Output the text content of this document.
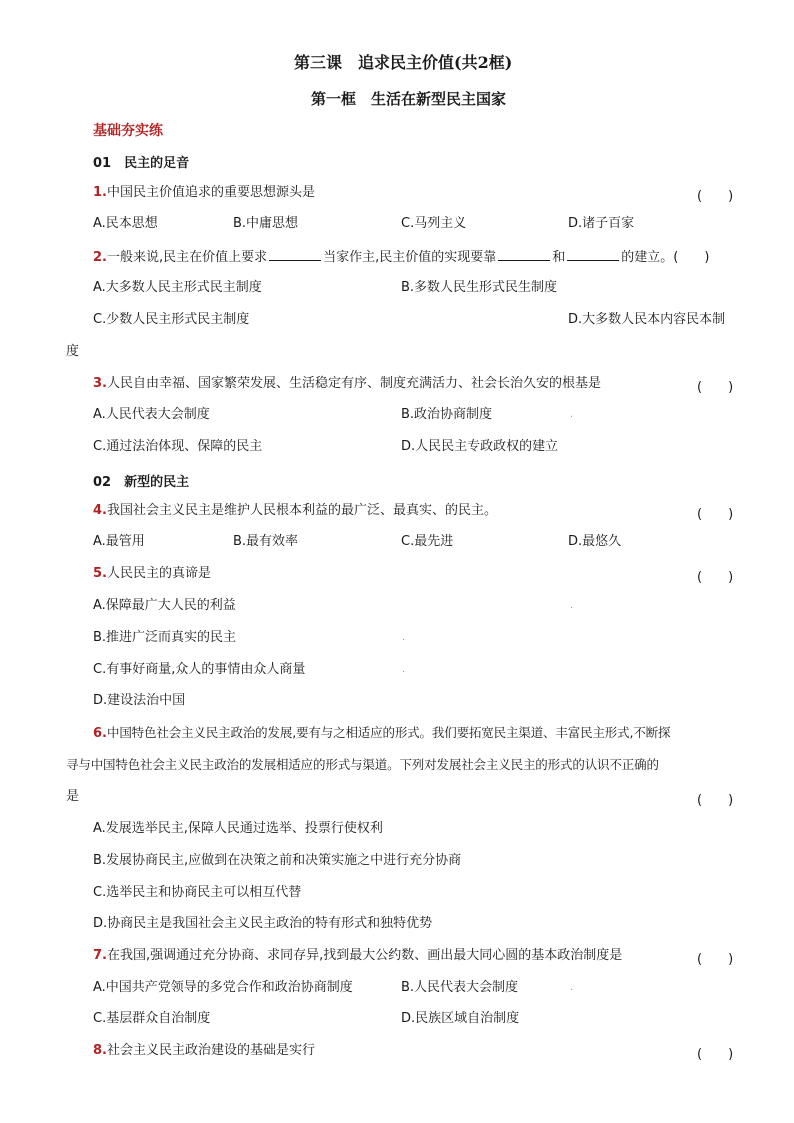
第三课　追求民主价值(共2框)
第一框　生活在新型民主国家
基础夯实练
01　民主的足音
1.中国民主价值追求的重要思想源头是	(　　)
A.民本思想	B.中庸思想	C.马列主义	D.诸子百家
2.一般来说,民主在价值上要求	当家作主,民主价值的实现要靠	和	的建立。(　　)
A.大多数人民主形式民主制度	B.多数人民生形式民生制度
C.少数人民主形式民主制度	D.大多数人民本内容民本制
度
3.人民自由幸福、国家繁荣发展、生活稳定有序、制度充满活力、社会长治久安的根基是	(　　)
A.人民代表大会制度	B.政治协商制度	.
C.通过法治体现、保障的民主	D.人民民主专政政权的建立
02　新型的民主
4.我国社会主义民主是维护人民根本利益的最广泛、最真实、的民主。	(　　)
A.最管用	B.最有效率	C.最先进	D.最悠久
5.人民民主的真谛是	(　　)
A.保障最广大人民的利益	.
B.推进广泛而真实的民主	.
C.有事好商量,众人的事情由众人商量	.
D.建设法治中国
6.中国特色社会主义民主政治的发展,要有与之相适应的形式。我们要拓宽民主渠道、丰富民主形式,不断探
寻与中国特色社会主义民主政治的发展相适应的形式与渠道。下列对发展社会主义民主的形式的认识不正确的
是	(　　)
A.发展选举民主,保障人民通过选举、投票行使权利
B.发展协商民主,应做到在决策之前和决策实施之中进行充分协商
C.选举民主和协商民主可以相互代替
D.协商民主是我国社会主义民主政治的特有形式和独特优势
7.在我国,强调通过充分协商、求同存异,找到最大公约数、画出最大同心圆的基本政治制度是	(　　)
A.中国共产党领导的多党合作和政治协商制度	B.人民代表大会制度	.
C.基层群众自治制度	D.民族区域自治制度
8.社会主义民主政治建设的基础是实行	(　　)
